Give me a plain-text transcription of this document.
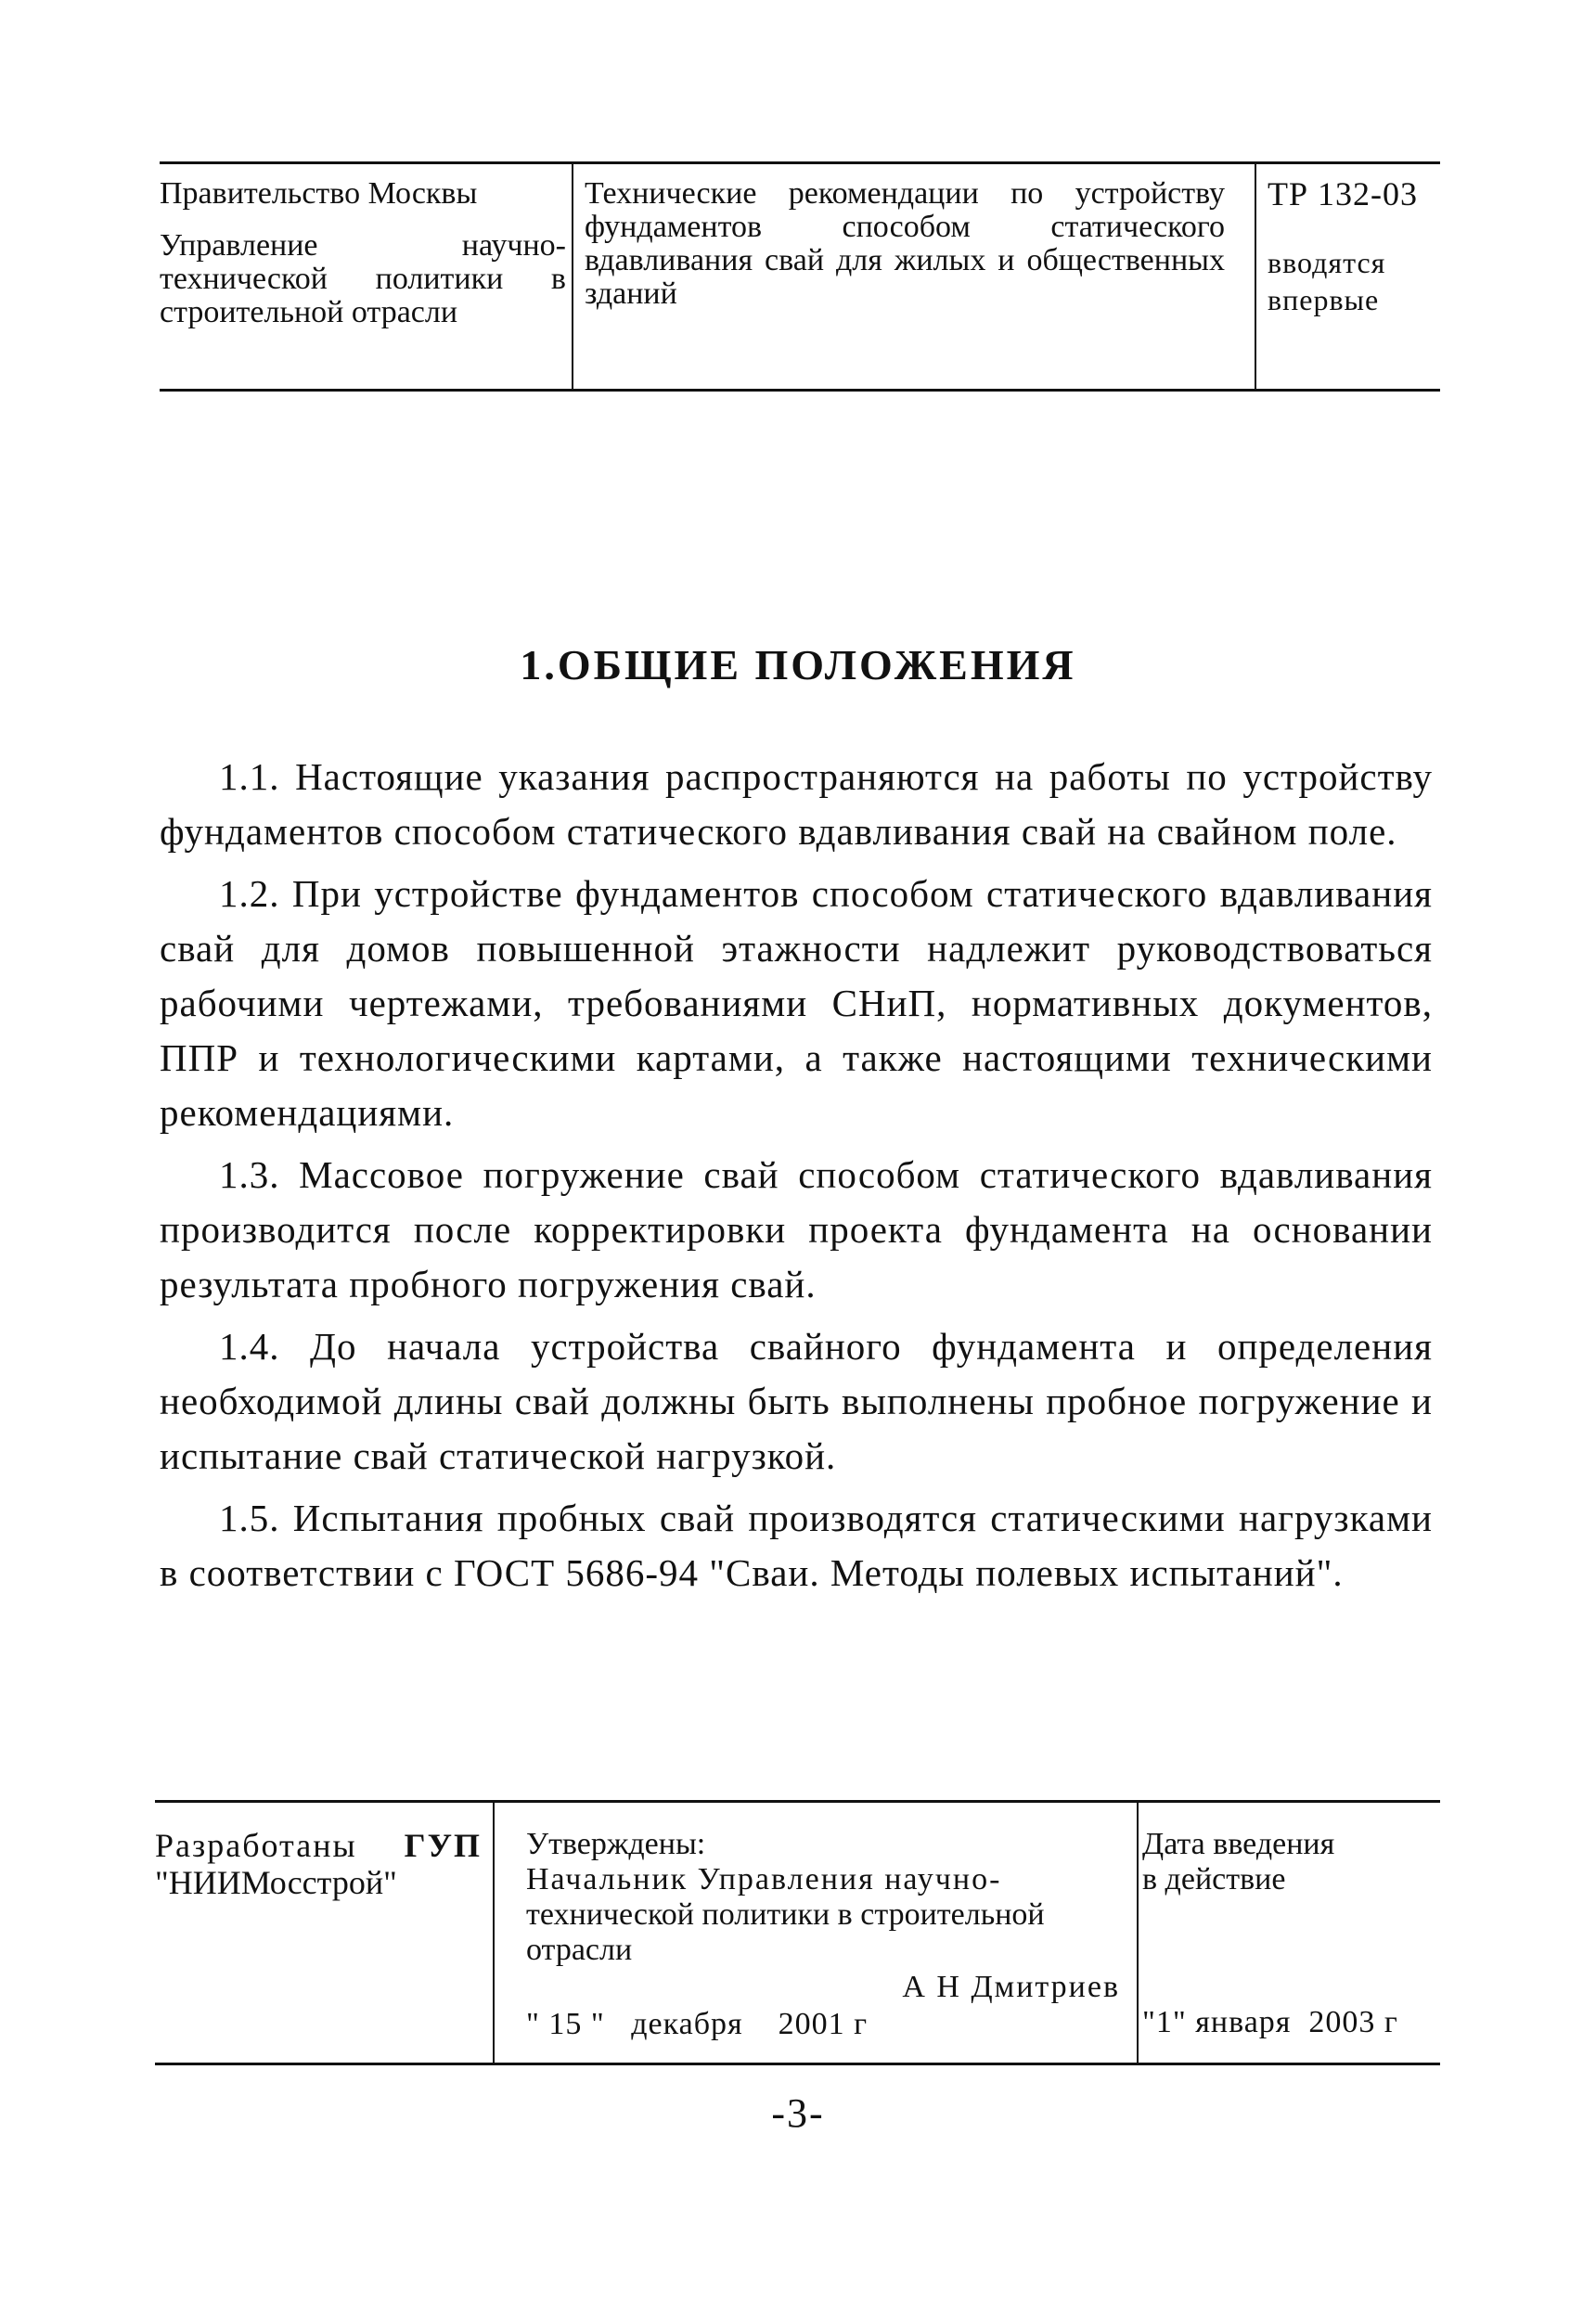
Правительство Москвы
Управление научно-технической политики в строительной отрасли
Технические рекомендации по устройству фундаментов способом статического вдавливания свай для жилых и общественных зданий
ТР 132-03
вводятся впервые
1.ОБЩИЕ ПОЛОЖЕНИЯ

1.1. Настоящие указания распространяются на работы по устройству фундаментов способом статического вдавливания свай на свайном поле.

1.2. При устройстве фундаментов способом статического вдавливания свай для домов повышенной этажности надлежит руководствоваться рабочими чертежами, требованиями СНиП, нормативных документов, ППР и технологическими картами, а также настоящими техническими рекомендациями.

1.3. Массовое погружение свай способом статического вдавливания производится после корректировки проекта фундамента на основании результата пробного погружения свай.

1.4. До начала устройства свайного фундамента и определения необходимой длины свай должны быть выполнены пробное погружение и испытание свай статической нагрузкой.

1.5. Испытания пробных свай производятся статическими нагрузками в соответствии с ГОСТ 5686-94 "Сваи. Методы полевых испытаний".

Разработаны ГУП
"НИИМосстрой"
Утверждены:
Начальник Управления научно-
технической политики в строительной
отрасли
А Н Дмитриев
" 15 "   декабря    2001 г
Дата введения
в действие
"1" января  2003 г
-3-
